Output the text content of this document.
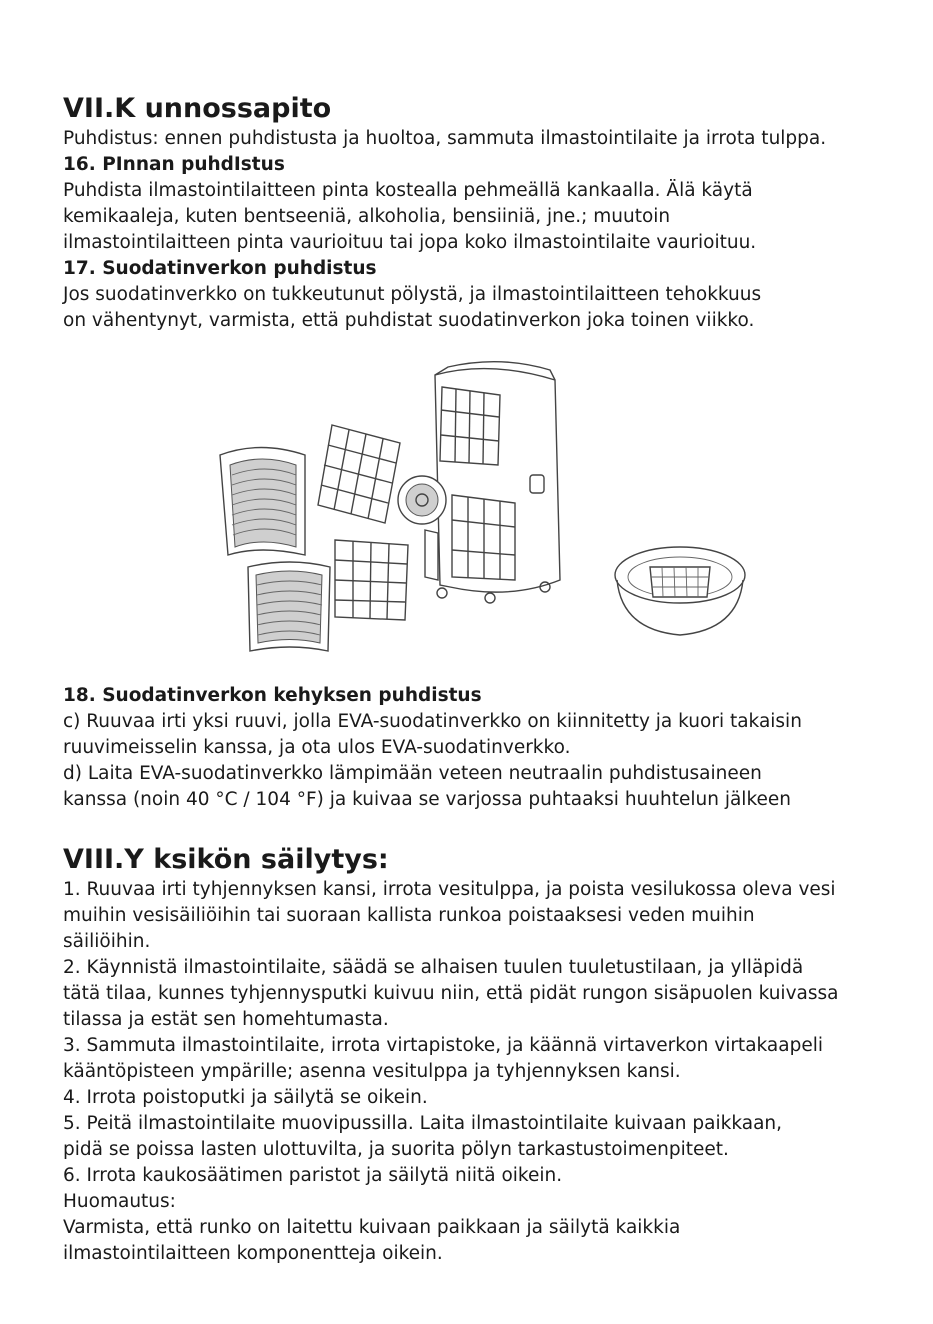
VII.K unnossapito

Puhdistus: ennen puhdistusta ja huoltoa, sammuta ilmastointilaite ja irrota tulppa.

16. PInnan puhdIstus

Puhdista ilmastointilaitteen pinta kostealla pehmeällä kankaalla. Älä käytä

kemikaaleja, kuten bentseeniä, alkoholia, bensiiniä, jne.; muutoin

ilmastointilaitteen pinta vaurioituu tai jopa koko ilmastointilaite vaurioituu.

17. Suodatinverkon puhdistus

Jos suodatinverkko on tukkeutunut pölystä, ja ilmastointilaitteen tehokkuus

on vähentynyt, varmista, että puhdistat suodatinverkon joka toinen viikko.

18. Suodatinverkon kehyksen puhdistus

c) Ruuvaa irti yksi ruuvi, jolla EVA-suodatinverkko on kiinnitetty ja kuori takaisin

ruuvimeisselin kanssa, ja ota ulos EVA-suodatinverkko.

d) Laita EVA-suodatinverkko lämpimään veteen neutraalin puhdistusaineen

kanssa (noin 40 °C / 104 °F) ja kuivaa se varjossa puhtaaksi huuhtelun jälkeen

VIII.Y ksikön säilytys:

1. Ruuvaa irti tyhjennyksen kansi, irrota vesitulppa, ja poista vesilukossa oleva vesi

muihin vesisäiliöihin tai suoraan kallista runkoa poistaaksesi veden muihin

säiliöihin.

2. Käynnistä ilmastointilaite, säädä se alhaisen tuulen tuuletustilaan, ja ylläpidä

tätä tilaa, kunnes tyhjennysputki kuivuu niin, että pidät rungon sisäpuolen kuivassa

tilassa ja estät sen homehtumasta.

3. Sammuta ilmastointilaite, irrota virtapistoke, ja käännä virtaverkon virtakaapeli

kääntöpisteen ympärille; asenna vesitulppa ja tyhjennyksen kansi.

4. Irrota poistoputki ja säilytä se oikein.

5. Peitä ilmastointilaite muovipussilla. Laita ilmastointilaite kuivaan paikkaan,

pidä se poissa lasten ulottuvilta, ja suorita pölyn tarkastustoimenpiteet.

6. Irrota kaukosäätimen paristot ja säilytä niitä oikein.

Huomautus:

Varmista, että runko on laitettu kuivaan paikkaan ja säilytä kaikkia

ilmastointilaitteen komponentteja oikein.
